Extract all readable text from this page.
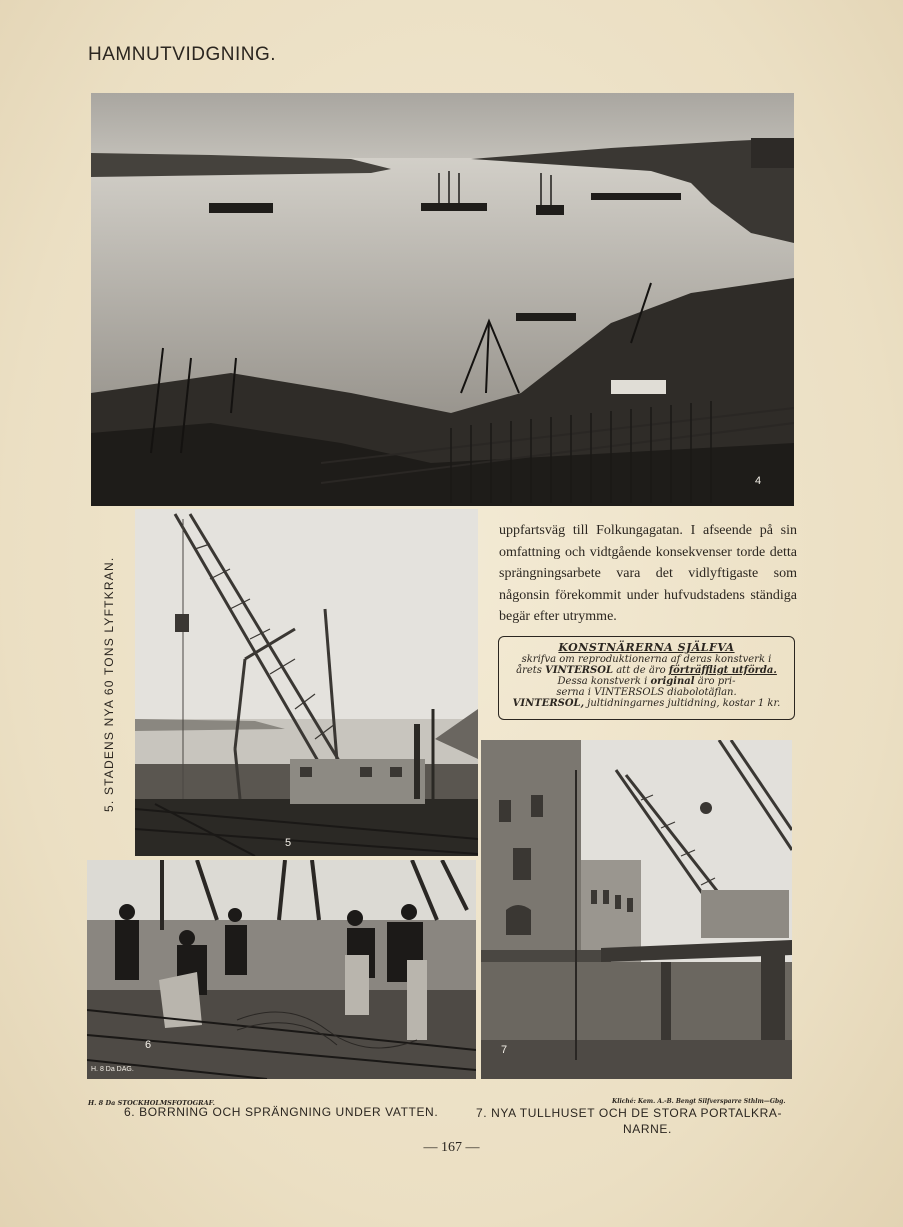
HAMNUTVIDGNING.
4
5. STADENS NYA 60 TONS LYFTKRAN.
5
uppfartsväg till Folkungagatan. I afseende på sin omfattning och vidtgående konsekvenser torde detta sprängningsarbete vara det vidlyftigaste som någonsin förekommit under hufvudstadens ständiga begär efter utrymme.
KONSTNÄRERNA SJÄLFVA
skrifva om reproduktionerna af deras konstverk i
årets VINTERSOL att de äro förträffligt utförda.
Dessa konstverk i original äro pri-
serna i VINTERSOLS diabolotäflan.
VINTERSOL, jultidningarnes jultidning, kostar 1 kr.
6
H. 8 Da DAG.
7
H. 8 Da STOCKHOLMSFOTOGRAF.	Kliché: Kem. A.-B. Bengt Silfversparre Sthlm—Gbg.
6. BORRNING OCH SPRÄNGNING UNDER VATTEN.	7. NYA TULLHUSET OCH DE STORA PORTALKRA-
NARNE.
— 167 —
